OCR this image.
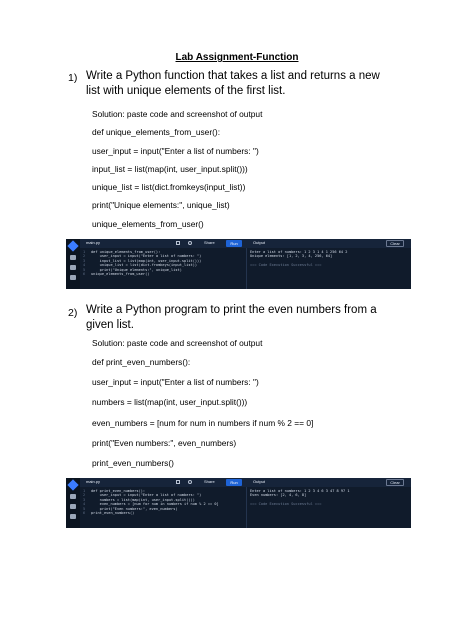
Lab Assignment-Function
1) Write a Python function that takes a list and returns a new list with unique elements of the first list.
Solution: paste code and screenshot of output
def unique_elements_from_user():
user_input = input("Enter a list of numbers: ")
input_list = list(map(int, user_input.split()))
unique_list = list(dict.fromkeys(input_list))
print("Unique elements:", unique_list)
unique_elements_from_user()
main.py	Share	Run	Output	Clear
1 def unique_elements_from_user():
2    user_input = input("Enter a list of numbers: ")
3    input_list = list(map(int, user_input.split()))
4    unique_list = list(dict.fromkeys(input_list))
5    print("Unique elements:", unique_list)
6 unique_elements_from_user()
Enter a list of numbers: 1 2 3 1 4 1 256 64 2
Unique elements: [1, 2, 3, 4, 256, 64]

=== Code Execution Successful ===
2) Write a Python program to print the even numbers from a given list.
Solution: paste code and screenshot of output
def print_even_numbers():
user_input = input("Enter a list of numbers: ")
numbers = list(map(int, user_input.split()))
even_numbers = [num for num in numbers if num % 2 == 0]
print("Even numbers:", even_numbers)
print_even_numbers()
main.py	Share	Run	Output	Clear
1 def print_even_numbers():
2    user_input = input("Enter a list of numbers: ")
3    numbers = list(map(int, user_input.split()))
4    even_numbers = [num for num in numbers if num % 2 == 0]
5    print("Even numbers:", even_numbers)
6 print_even_numbers()
Enter a list of numbers: 1 2 3 4 6 3 47 8 97 1
Even numbers: [2, 4, 6, 8]

=== Code Execution Successful ===
